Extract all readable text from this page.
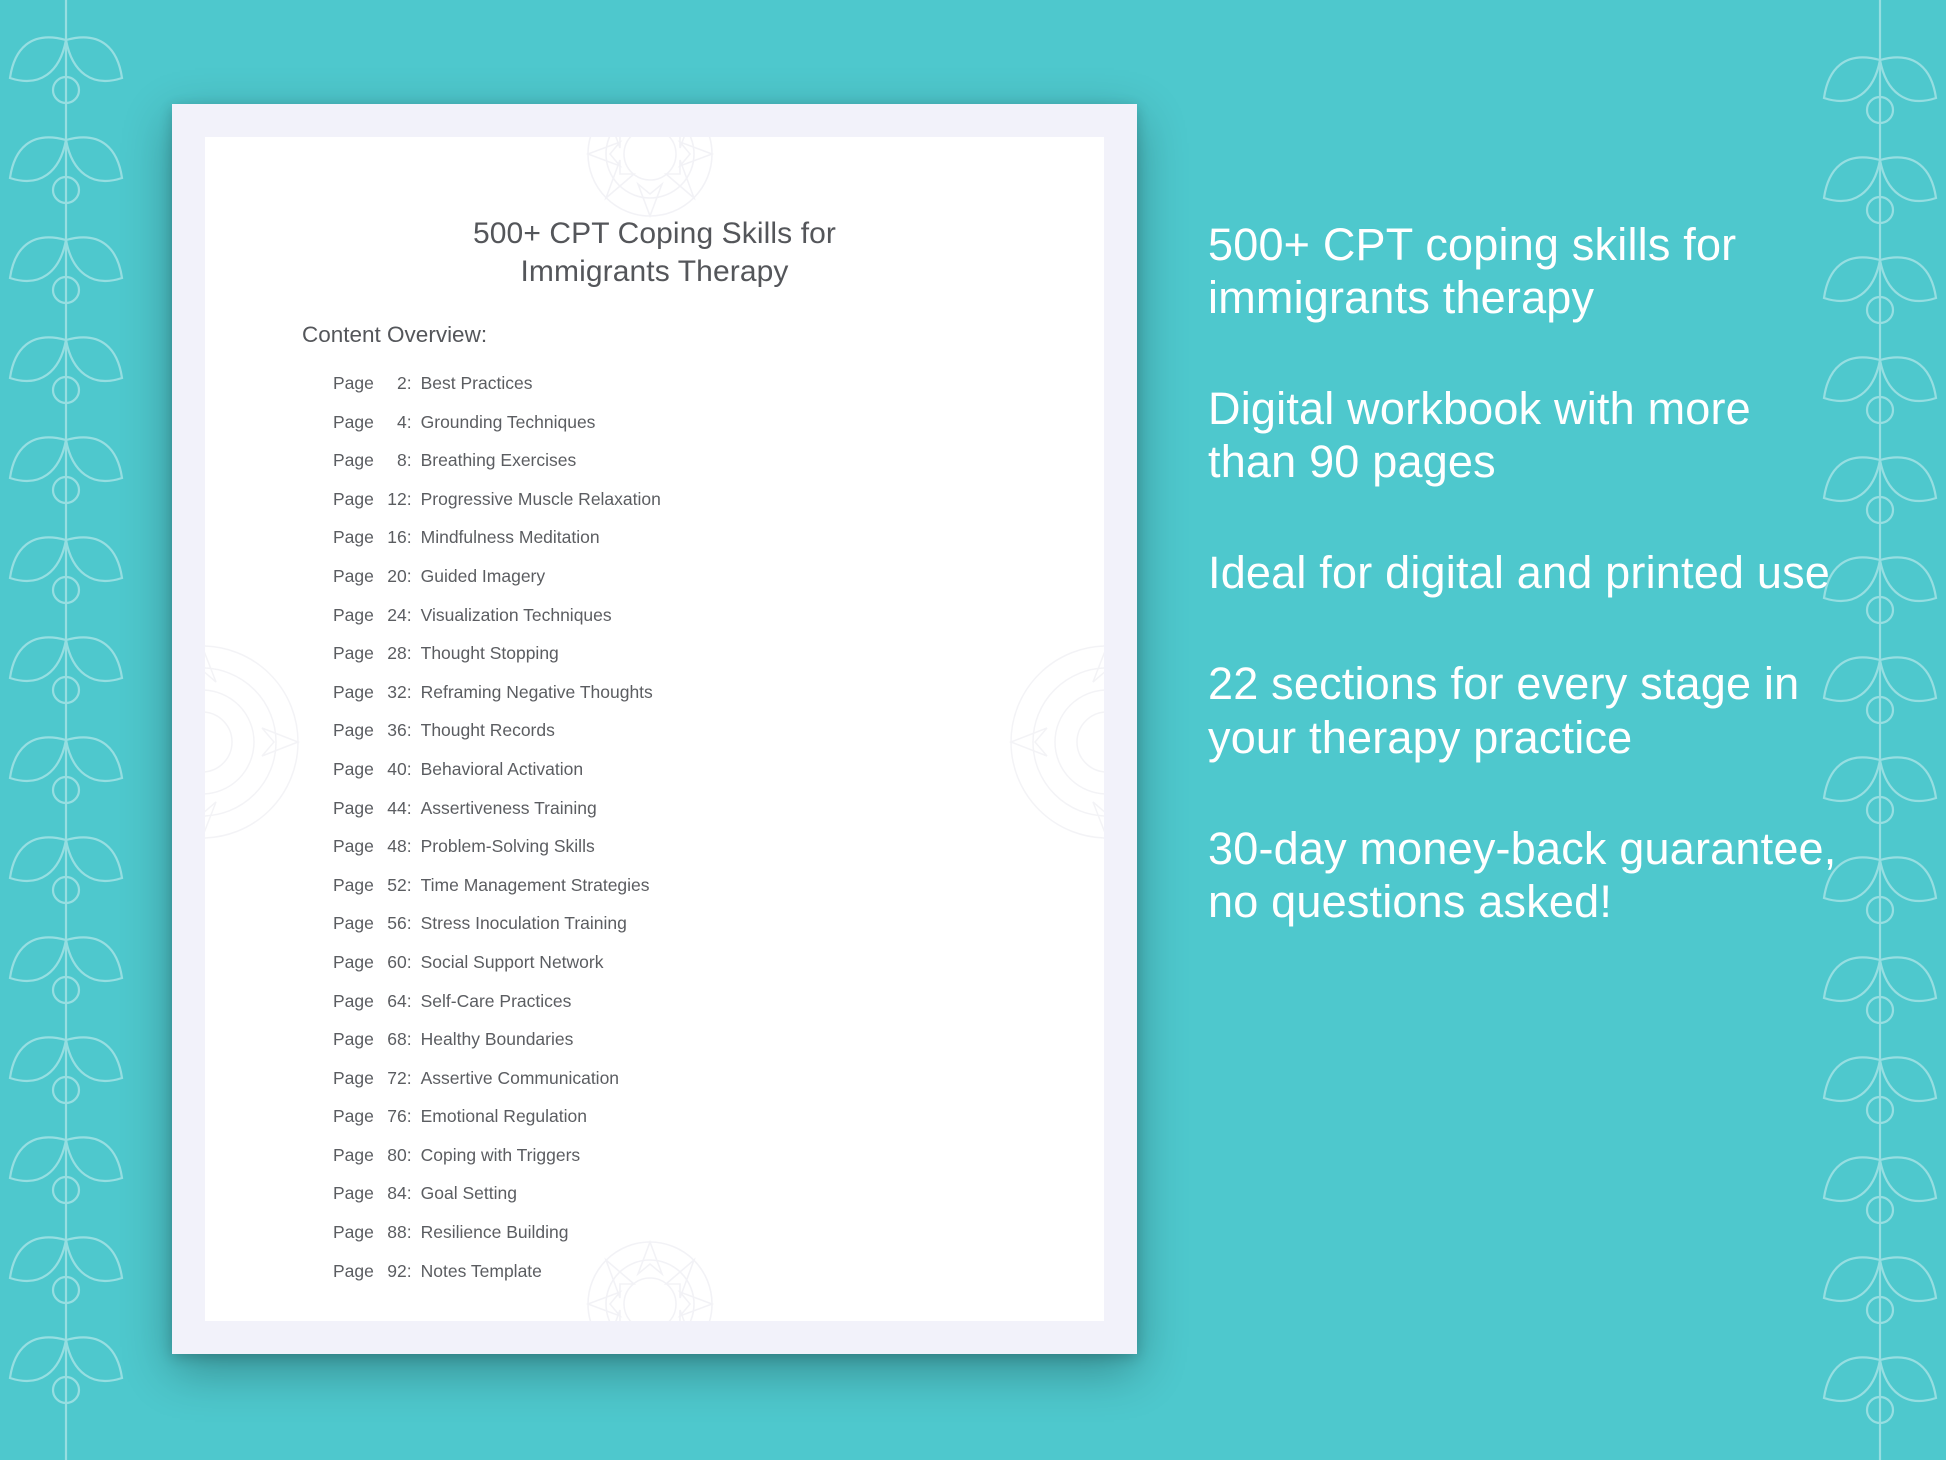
500+ CPT Coping Skills for
Immigrants Therapy
Content Overview:
Page 2: Best Practices
Page 4: Grounding Techniques
Page 8: Breathing Exercises
Page 12: Progressive Muscle Relaxation
Page 16: Mindfulness Meditation
Page 20: Guided Imagery
Page 24: Visualization Techniques
Page 28: Thought Stopping
Page 32: Reframing Negative Thoughts
Page 36: Thought Records
Page 40: Behavioral Activation
Page 44: Assertiveness Training
Page 48: Problem-Solving Skills
Page 52: Time Management Strategies
Page 56: Stress Inoculation Training
Page 60: Social Support Network
Page 64: Self-Care Practices
Page 68: Healthy Boundaries
Page 72: Assertive Communication
Page 76: Emotional Regulation
Page 80: Coping with Triggers
Page 84: Goal Setting
Page 88: Resilience Building
Page 92: Notes Template
500+ CPT coping skills for immigrants therapy
Digital workbook with more than 90 pages
Ideal for digital and printed use
22 sections for every stage in your therapy practice
30-day money-back guarantee, no questions asked!
